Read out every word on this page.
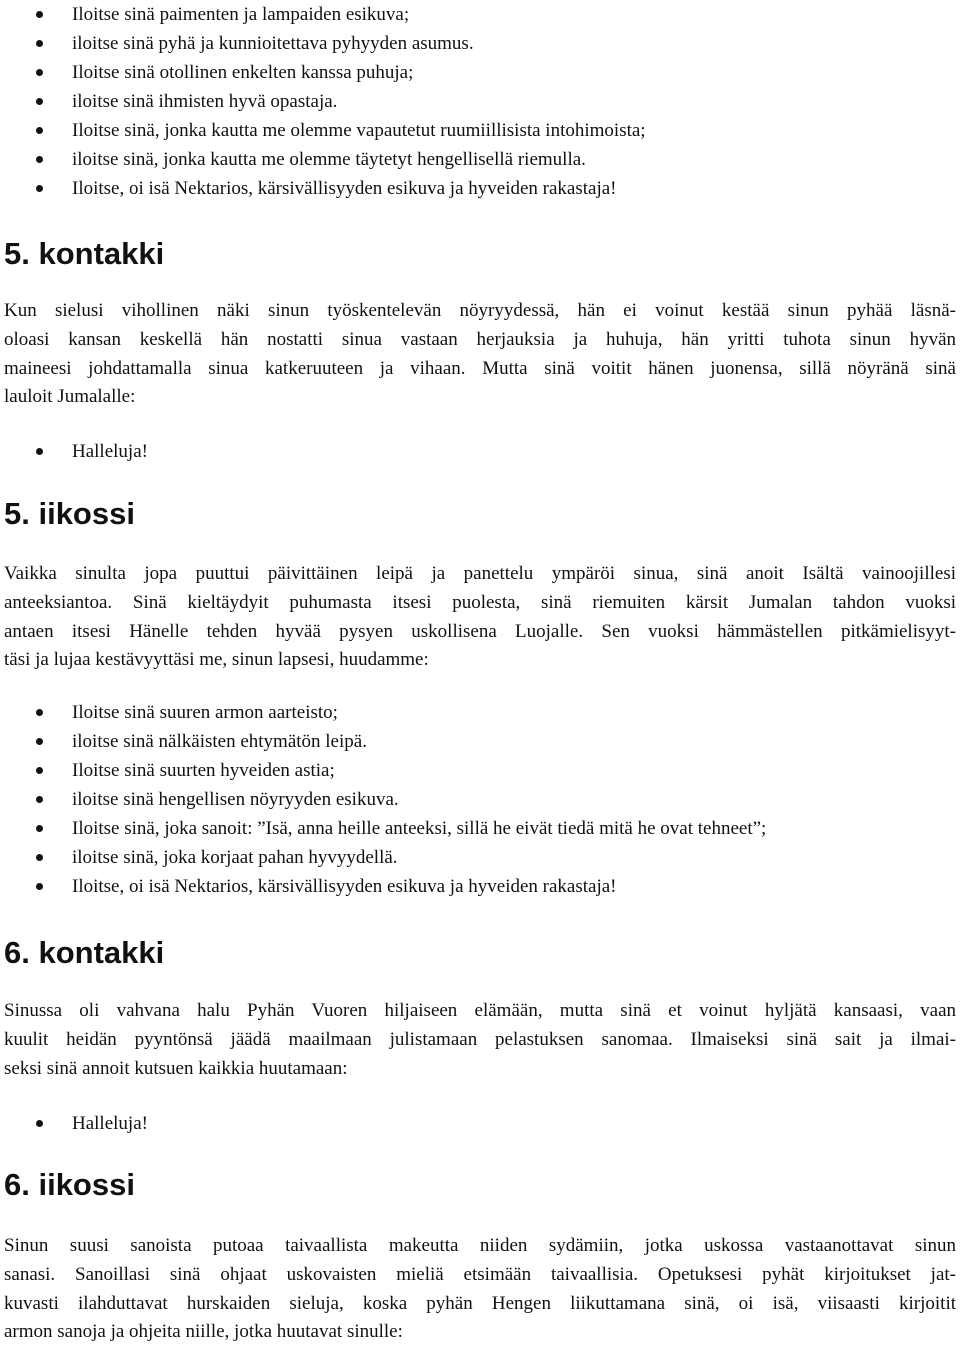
Iloitse sinä paimenten ja lampaiden esikuva;
iloitse sinä pyhä ja kunnioitettava pyhyyden asumus.
Iloitse sinä otollinen enkelten kanssa puhuja;
iloitse sinä ihmisten hyvä opastaja.
Iloitse sinä, jonka kautta me olemme vapautetut ruumiillisista intohimoista;
iloitse sinä, jonka kautta me olemme täytetyt hengellisellä riemulla.
Iloitse, oi isä Nektarios, kärsivällisyyden esikuva ja hyveiden rakastaja!
5. kontakki

Kun sielusi vihollinen näki sinun työskentelevän nöyryydessä, hän ei voinut kestää sinun pyhää läsnä-
oloasi kansan keskellä hän nostatti sinua vastaan herjauksia ja huhuja, hän yritti tuhota sinun hyvän
maineesi johdattamalla sinua katkeruuteen ja vihaan. Mutta sinä voitit hänen juonensa, sillä nöyränä sinä
lauloit Jumalalle:

Halleluja!
5. iikossi

Vaikka sinulta jopa puuttui päivittäinen leipä ja panettelu ympäröi sinua, sinä anoit Isältä vainoojillesi
anteeksiantoa. Sinä kieltäydyit puhumasta itsesi puolesta, sinä riemuiten kärsit Jumalan tahdon vuoksi
antaen itsesi Hänelle tehden hyvää pysyen uskollisena Luojalle. Sen vuoksi hämmästellen pitkämielisyyt-
täsi ja lujaa kestävyyttäsi me, sinun lapsesi, huudamme:

Iloitse sinä suuren armon aarteisto;
iloitse sinä nälkäisten ehtymätön leipä.
Iloitse sinä suurten hyveiden astia;
iloitse sinä hengellisen nöyryyden esikuva.
Iloitse sinä, joka sanoit: ”Isä, anna heille anteeksi, sillä he eivät tiedä mitä he ovat tehneet”;
iloitse sinä, joka korjaat pahan hyvyydellä.
Iloitse, oi isä Nektarios, kärsivällisyyden esikuva ja hyveiden rakastaja!
6. kontakki

Sinussa oli vahvana halu Pyhän Vuoren hiljaiseen elämään, mutta sinä et voinut hyljätä kansaasi, vaan
kuulit heidän pyyntönsä jäädä maailmaan julistamaan pelastuksen sanomaa. Ilmaiseksi sinä sait ja ilmai-
seksi sinä annoit kutsuen kaikkia huutamaan:

Halleluja!
6. iikossi

Sinun suusi sanoista putoaa taivaallista makeutta niiden sydämiin, jotka uskossa vastaanottavat sinun
sanasi. Sanoillasi sinä ohjaat uskovaisten mieliä etsimään taivaallisia. Opetuksesi pyhät kirjoitukset jat-
kuvasti ilahduttavat hurskaiden sieluja, koska pyhän Hengen liikuttamana sinä, oi isä, viisaasti kirjoitit
armon sanoja ja ohjeita niille, jotka huutavat sinulle:
